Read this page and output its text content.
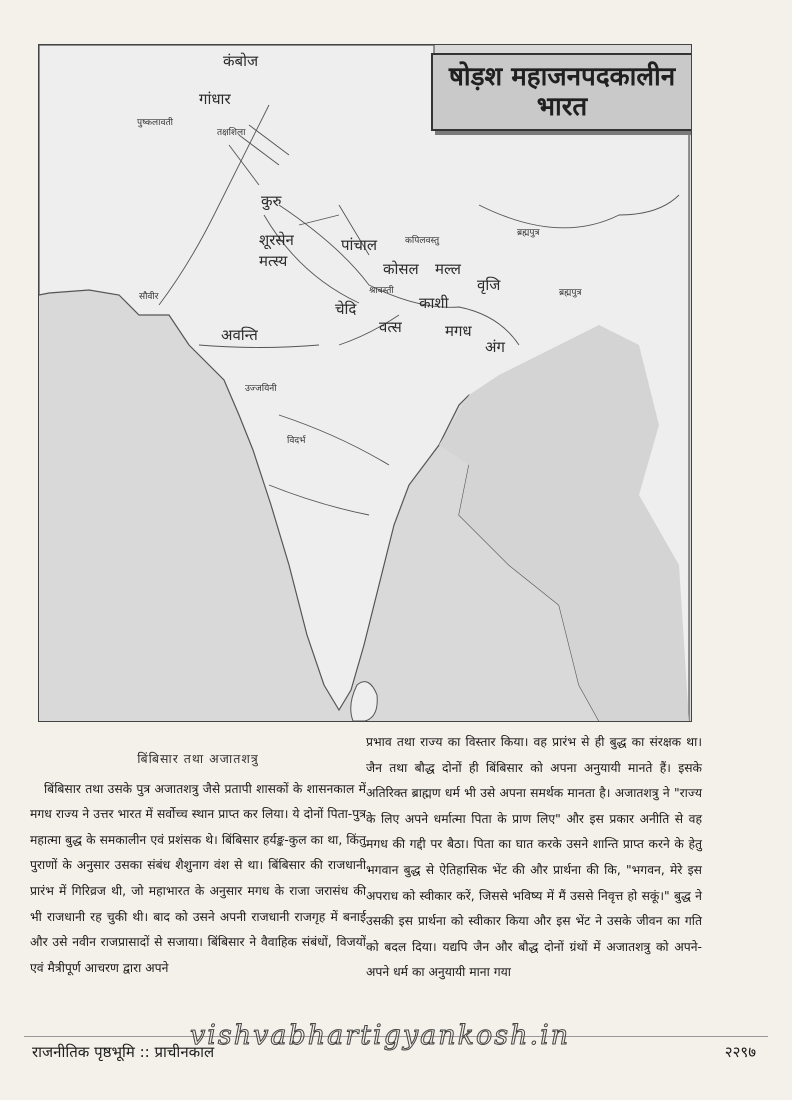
षोड़श महाजनपदकालीन
भारत
कंबोज
गांधार
कुरु
शूरसेन	पांचाल
मत्स्य	कोसल मल्ल
वृजि
चेदि	काशी
वत्स	मगध
अंग
अवन्ति
पुष्कलावती
तक्षशिला
कपिलवस्तु
श्रावस्ती
उज्जयिनी
विदर्भ
ब्रह्मपुत्र
ब्रह्मपुत्र
सौवीर

बिंबिसार तथा अजातशत्रु

बिंबिसार तथा उसके पुत्र अजातशत्रु जैसे प्रतापी शासकों के शासनकाल में मगध राज्य ने उत्तर भारत में सर्वोच्च स्थान प्राप्त कर लिया। ये दोनों पिता-पुत्र महात्मा बुद्ध के समकालीन एवं प्रशंसक थे। बिंबिसार हर्यङ्क-कुल का था, किंतु पुराणों के अनुसार उसका संबंध शैशुनाग वंश से था। बिंबिसार की राजधानी प्रारंभ में गिरिव्रज थी, जो महाभारत के अनुसार मगध के राजा जरासंध की भी राजधानी रह चुकी थी। बाद को उसने अपनी राजधानी राजगृह में बनाई और उसे नवीन राजप्रासादों से सजाया। बिंबिसार ने वैवाहिक संबंधों, विजयों एवं मैत्रीपूर्ण आचरण द्वारा अपने

प्रभाव तथा राज्य का विस्तार किया। वह प्रारंभ से ही बुद्ध का संरक्षक था। जैन तथा बौद्ध दोनों ही बिंबिसार को अपना अनुयायी मानते हैं। इसके अतिरिक्त ब्राह्मण धर्म भी उसे अपना समर्थक मानता है। अजातशत्रु ने "राज्य के लिए अपने धर्मात्मा पिता के प्राण लिए" और इस प्रकार अनीति से वह मगध की गद्दी पर बैठा। पिता का घात करके उसने शान्ति प्राप्त करने के हेतु भगवान बुद्ध से ऐतिहासिक भेंट की और प्रार्थना की कि, "भगवन, मेरे इस अपराध को स्वीकार करें, जिससे भविष्य में मैं उससे निवृत्त हो सकूं।" बुद्ध ने उसकी इस प्रार्थना को स्वीकार किया और इस भेंट ने उसके जीवन का गति को बदल दिया। यद्यपि जैन और बौद्ध दोनों ग्रंथों में अजातशत्रु को अपने-अपने धर्म का अनुयायी माना गया

राजनीतिक पृष्ठभूमि :: प्राचीनकाल	२२९७
vishvabhartigyankosh.in
